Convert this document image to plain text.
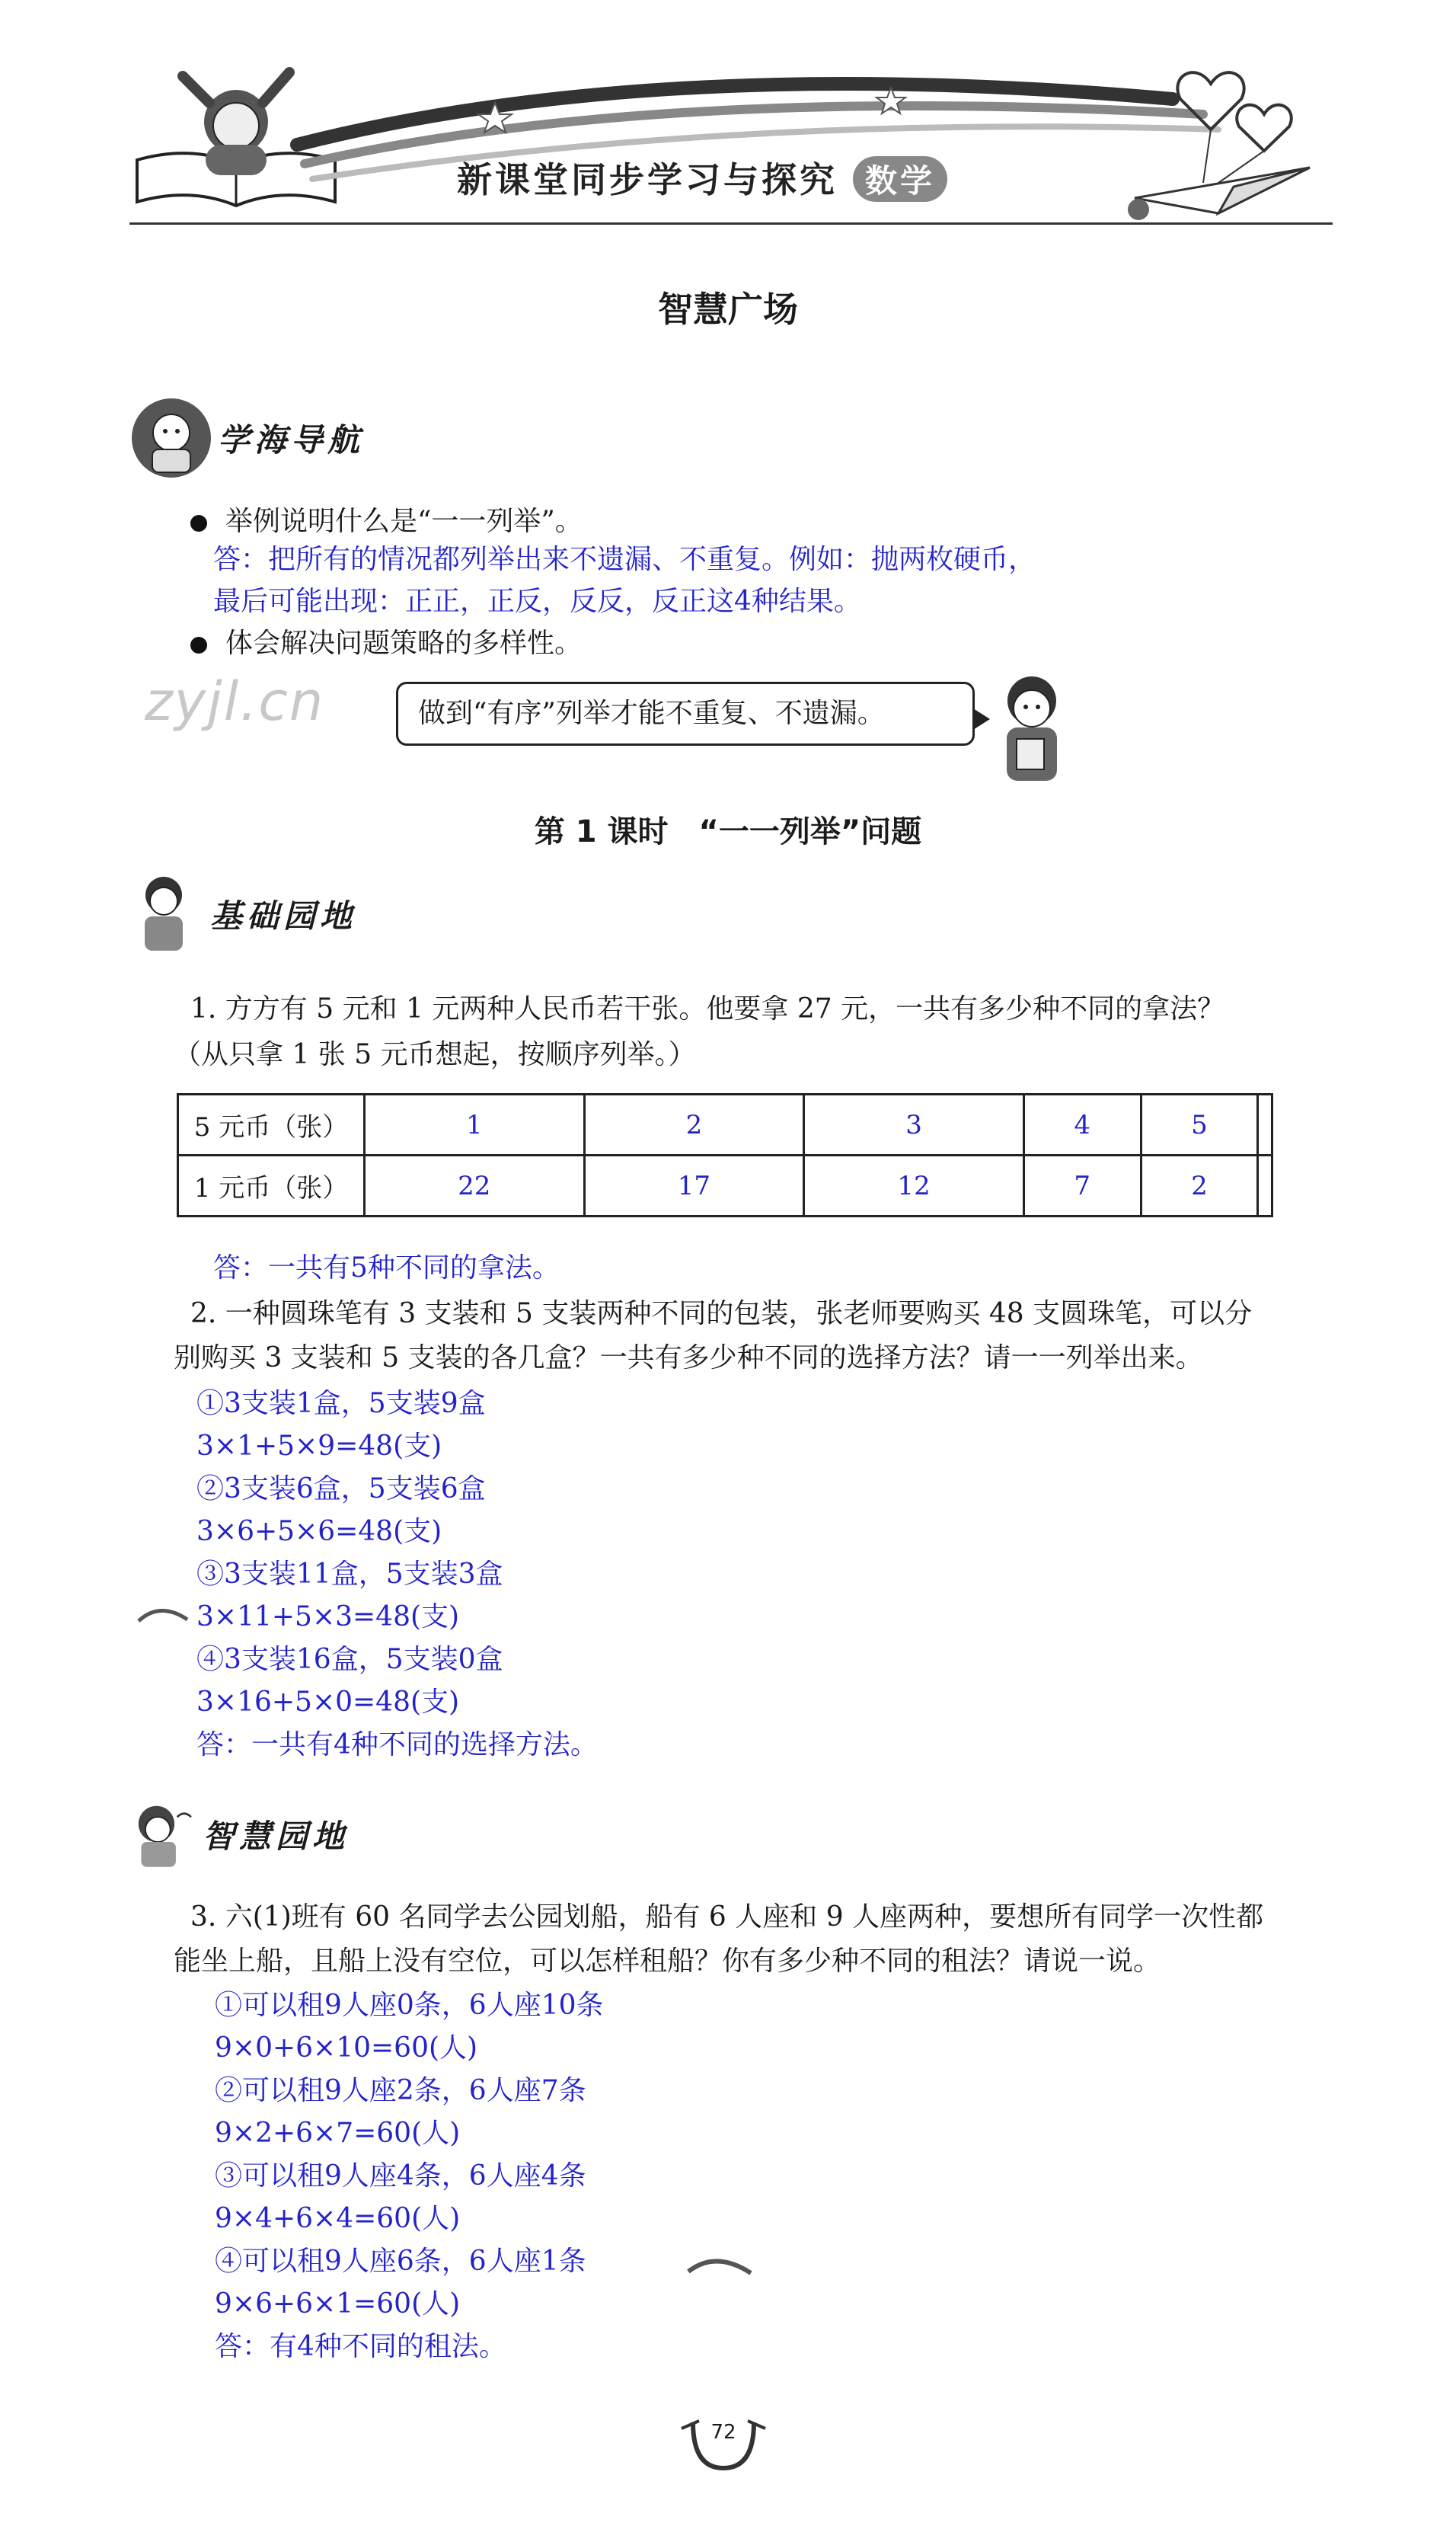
新课堂同步学习与探究 数学
智慧广场
学海导航
举例说明什么是“一一列举”。
答：把所有的情况都列举出来不遗漏、不重复。例如：抛两枚硬币，
最后可能出现：正正，正反，反反，反正这4种结果。
体会解决问题策略的多样性。
zyjl.cn	做到“有序”列举才能不重复、不遗漏。
第 1 课时　“一一列举”问题
基础园地
1. 方方有 5 元和 1 元两种人民币若干张。他要拿 27 元，一共有多少种不同的拿法？
（从只拿 1 张 5 元币想起，按顺序列举。）
5 元币（张）	1	2	3	4	5	
1 元币（张）	22	17	12	7	2	
答：一共有5种不同的拿法。
2. 一种圆珠笔有 3 支装和 5 支装两种不同的包装，张老师要购买 48 支圆珠笔，可以分
别购买 3 支装和 5 支装的各几盒？一共有多少种不同的选择方法？请一一列举出来。
①3支装1盒，5支装9盒
3×1+5×9=48(支)
②3支装6盒，5支装6盒
3×6+5×6=48(支)
③3支装11盒，5支装3盒
3×11+5×3=48(支)
④3支装16盒，5支装0盒
3×16+5×0=48(支)
答：一共有4种不同的选择方法。
智慧园地
3. 六(1)班有 60 名同学去公园划船，船有 6 人座和 9 人座两种，要想所有同学一次性都
能坐上船，且船上没有空位，可以怎样租船？你有多少种不同的租法？请说一说。
①可以租9人座0条，6人座10条
9×0+6×10=60(人)
②可以租9人座2条，6人座7条
9×2+6×7=60(人)
③可以租9人座4条，6人座4条
9×4+6×4=60(人)
④可以租9人座6条，6人座1条
9×6+6×1=60(人)
答：有4种不同的租法。
72
